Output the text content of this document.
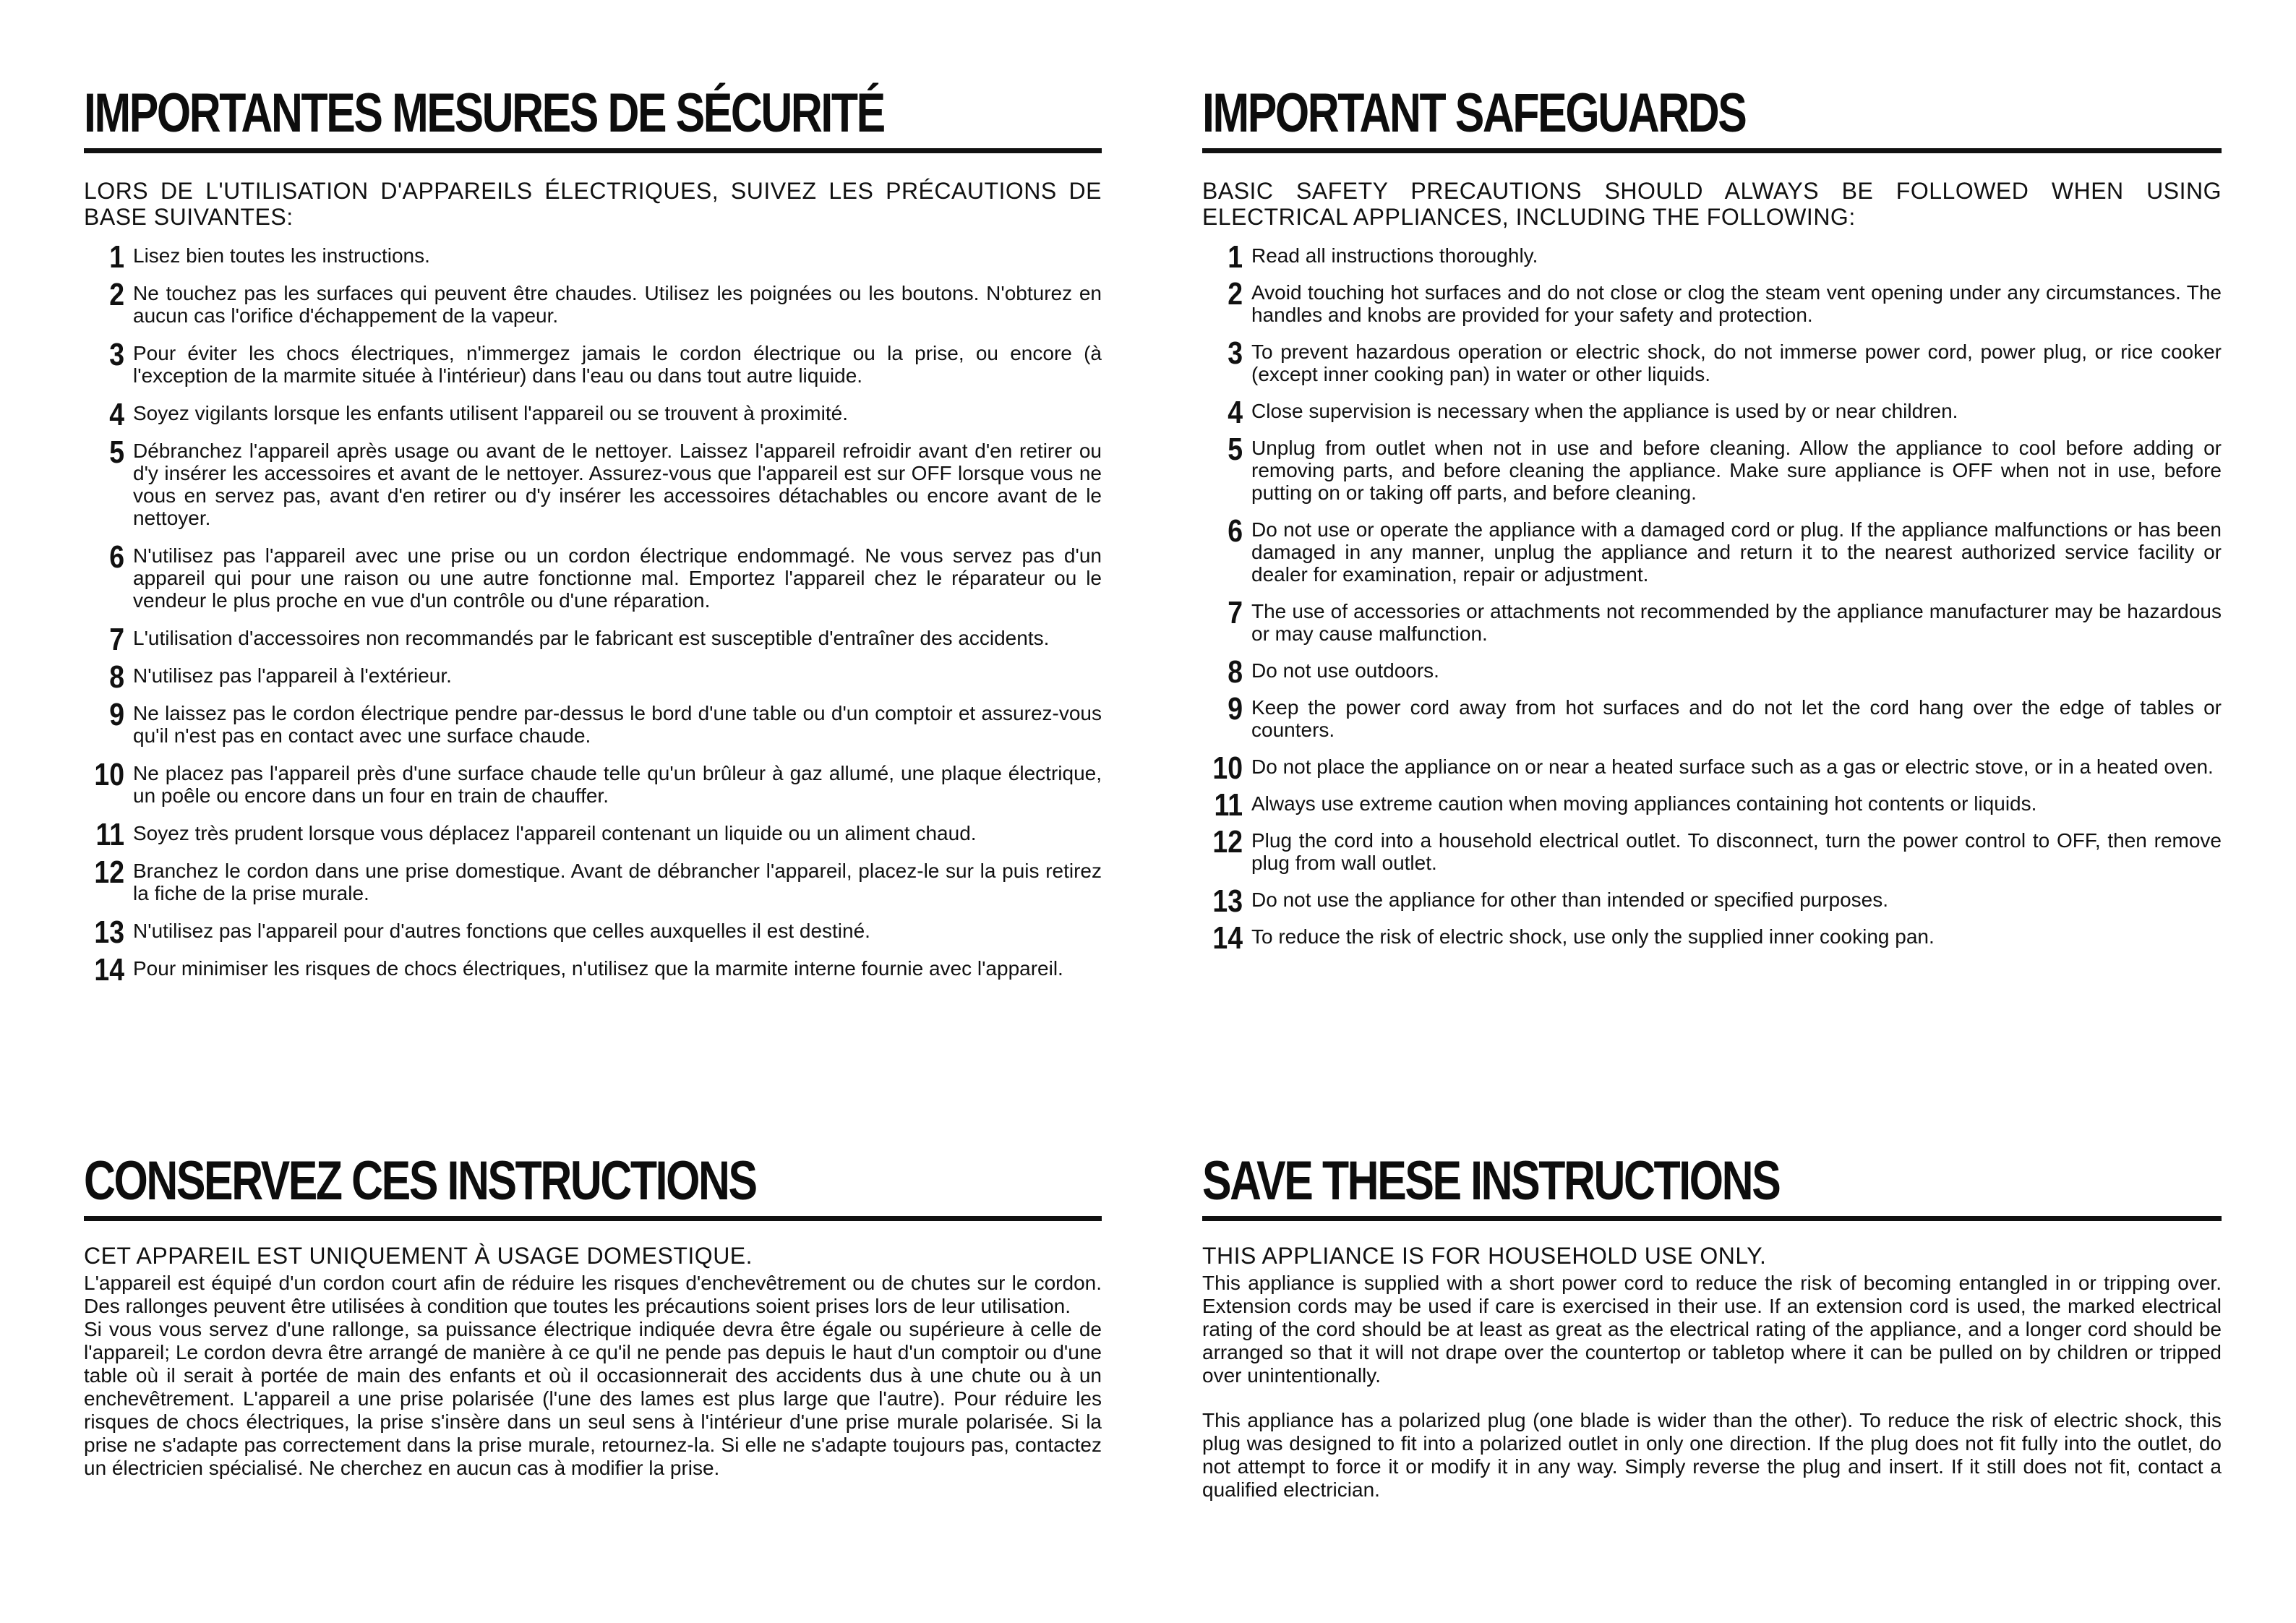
IMPORTANTES MESURES DE SÉCURITÉ

LORS DE L'UTILISATION D'APPAREILS ÉLECTRIQUES, SUIVEZ LES PRÉCAUTIONS DE BASE SUIVANTES:

1 Lisez bien toutes les instructions.
2 Ne touchez pas les surfaces qui peuvent être chaudes. Utilisez les poignées ou les boutons. N'obturez en aucun cas l'orifice d'échappement de la vapeur.
3 Pour éviter les chocs électriques, n'immergez jamais le cordon électrique ou la prise, ou encore (à l'exception de la marmite située à l'intérieur) dans l'eau ou dans tout autre liquide.
4 Soyez vigilants lorsque les enfants utilisent l'appareil ou se trouvent à proximité.
5 Débranchez l'appareil après usage ou avant de le nettoyer. Laissez l'appareil refroidir avant d'en retirer ou d'y insérer les accessoires et avant de le nettoyer. Assurez-vous que l'appareil est sur OFF lorsque vous ne vous en servez pas, avant d'en retirer ou d'y insérer les accessoires détachables ou encore avant de le nettoyer.
6 N'utilisez pas l'appareil avec une prise ou un cordon électrique endommagé. Ne vous servez pas d'un appareil qui pour une raison ou une autre fonctionne mal. Emportez l'appareil chez le réparateur ou le vendeur le plus proche en vue d'un contrôle ou d'une réparation.
7 L'utilisation d'accessoires non recommandés par le fabricant est susceptible d'entraîner des accidents.
8 N'utilisez pas l'appareil à l'extérieur.
9 Ne laissez pas le cordon électrique pendre par-dessus le bord d'une table ou d'un comptoir et assurez-vous qu'il n'est pas en contact avec une surface chaude.
10 Ne placez pas l'appareil près d'une surface chaude telle qu'un brûleur à gaz allumé, une plaque électrique, un poêle ou encore dans un four en train de chauffer.
11 Soyez très prudent lorsque vous déplacez l'appareil contenant un liquide ou un aliment chaud.
12 Branchez le cordon dans une prise domestique. Avant de débrancher l'appareil, placez-le sur la puis retirez la fiche de la prise murale.
13 N'utilisez pas l'appareil pour d'autres fonctions que celles auxquelles il est destiné.
14 Pour minimiser les risques de chocs électriques, n'utilisez que la marmite interne fournie avec l'appareil.
IMPORTANT SAFEGUARDS

BASIC SAFETY PRECAUTIONS SHOULD ALWAYS BE FOLLOWED WHEN USING ELECTRICAL APPLIANCES, INCLUDING THE FOLLOWING:

1 Read all instructions thoroughly.
2 Avoid touching hot surfaces and do not close or clog the steam vent opening under any circumstances. The handles and knobs are provided for your safety and protection.
3 To prevent hazardous operation or electric shock, do not immerse power cord, power plug, or rice cooker (except inner cooking pan) in water or other liquids.
4 Close supervision is necessary when the appliance is used by or near children.
5 Unplug from outlet when not in use and before cleaning. Allow the appliance to cool before adding or removing parts, and before cleaning the appliance. Make sure appliance is OFF when not in use, before putting on or taking off parts, and before cleaning.
6 Do not use or operate the appliance with a damaged cord or plug. If the appliance malfunctions or has been damaged in any manner, unplug the appliance and return it to the nearest authorized service facility or dealer for examination, repair or adjustment.
7 The use of accessories or attachments not recommended by the appliance manufacturer may be hazardous or may cause malfunction.
8 Do not use outdoors.
9 Keep the power cord away from hot surfaces and do not let the cord hang over the edge of tables or counters.
10 Do not place the appliance on or near a heated surface such as a gas or electric stove, or in a heated oven.
11 Always use extreme caution when moving appliances containing hot contents or liquids.
12 Plug the cord into a household electrical outlet. To disconnect, turn the power control to OFF, then remove plug from wall outlet.
13 Do not use the appliance for other than intended or specified purposes.
14 To reduce the risk of electric shock, use only the supplied inner cooking pan.
CONSERVEZ CES INSTRUCTIONS

CET APPAREIL EST UNIQUEMENT À USAGE DOMESTIQUE.

L'appareil est équipé d'un cordon court afin de réduire les risques d'enchevêtrement ou de chutes sur le cordon. Des rallonges peuvent être utilisées à condition que toutes les précautions soient prises lors de leur utilisation.

Si vous vous servez d'une rallonge, sa puissance électrique indiquée devra être égale ou supérieure à celle de l'appareil; Le cordon devra être arrangé de manière à ce qu'il ne pende pas depuis le haut d'un comptoir ou d'une table où il serait à portée de main des enfants et où il occasionnerait des accidents dus à une chute ou à un enchevêtrement. L'appareil a une prise polarisée (l'une des lames est plus large que l'autre). Pour réduire les risques de chocs électriques, la prise s'insère dans un seul sens à l'intérieur d'une prise murale polarisée. Si la prise ne s'adapte pas correctement dans la prise murale, retournez-la. Si elle ne s'adapte toujours pas, contactez un électricien spécialisé. Ne cherchez en aucun cas à modifier la prise.

SAVE THESE INSTRUCTIONS

THIS APPLIANCE IS FOR HOUSEHOLD USE ONLY.

This appliance is supplied with a short power cord to reduce the risk of becoming entangled in or tripping over. Extension cords may be used if care is exercised in their use. If an extension cord is used, the marked electrical rating of the cord should be at least as great as the electrical rating of the appliance, and a longer cord should be arranged so that it will not drape over the countertop or tabletop where it can be pulled on by children or tripped over unintentionally.

This appliance has a polarized plug (one blade is wider than the other). To reduce the risk of electric shock, this plug was designed to fit into a polarized outlet in only one direction. If the plug does not fit fully into the outlet, do not attempt to force it or modify it in any way. Simply reverse the plug and insert. If it still does not fit, contact a qualified electrician.
